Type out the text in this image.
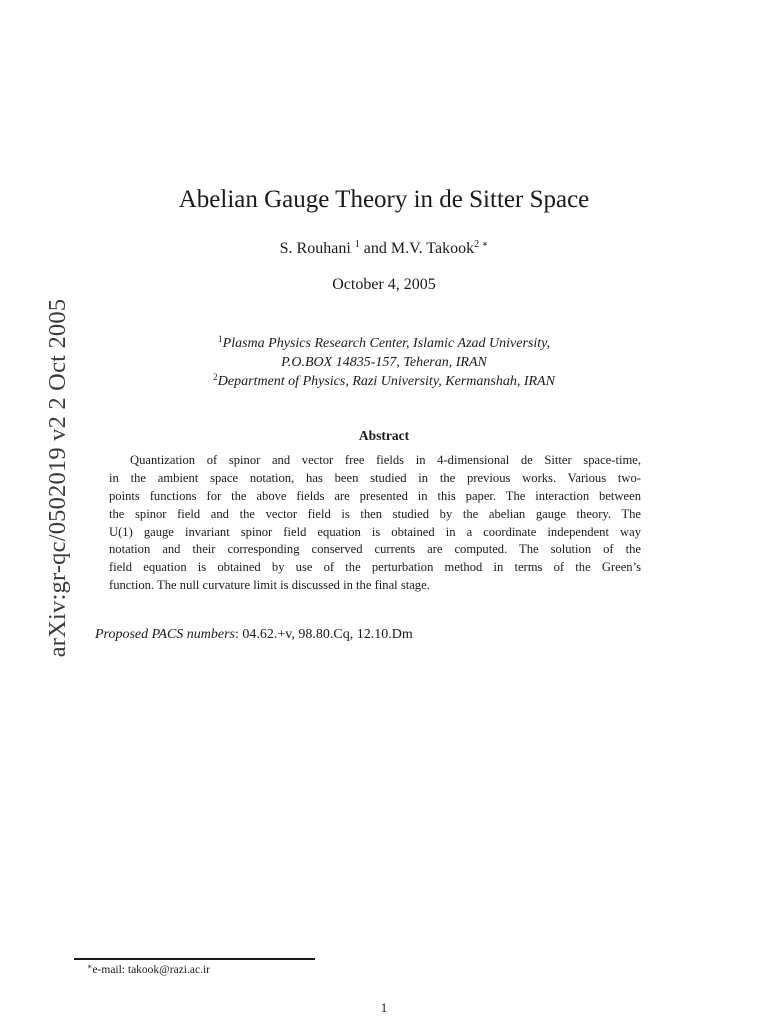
arXiv:gr-qc/0502019 v2 2 Oct 2005
Abelian Gauge Theory in de Sitter Space
S. Rouhani $^1$ and M.V. Takook$^{2 ∗}$
October 4, 2005
$^1$Plasma Physics Research Center, Islamic Azad University,
P.O.BOX 14835-157, Teheran, IRAN
$^2$Department of Physics, Razi University, Kermanshah, IRAN
Abstract
Quantization of spinor and vector free fields in 4-dimensional de Sitter space-time,
in the ambient space notation, has been studied in the previous works. Various two-
points functions for the above fields are presented in this paper. The interaction between
the spinor field and the vector field is then studied by the abelian gauge theory. The
U(1) gauge invariant spinor field equation is obtained in a coordinate independent way
notation and their corresponding conserved currents are computed. The solution of the
field equation is obtained by use of the perturbation method in terms of the Green’s
function. The null curvature limit is discussed in the final stage.
Proposed PACS numbers: 04.62.+v, 98.80.Cq, 12.10.Dm
∗e-mail: takook@razi.ac.ir
1
